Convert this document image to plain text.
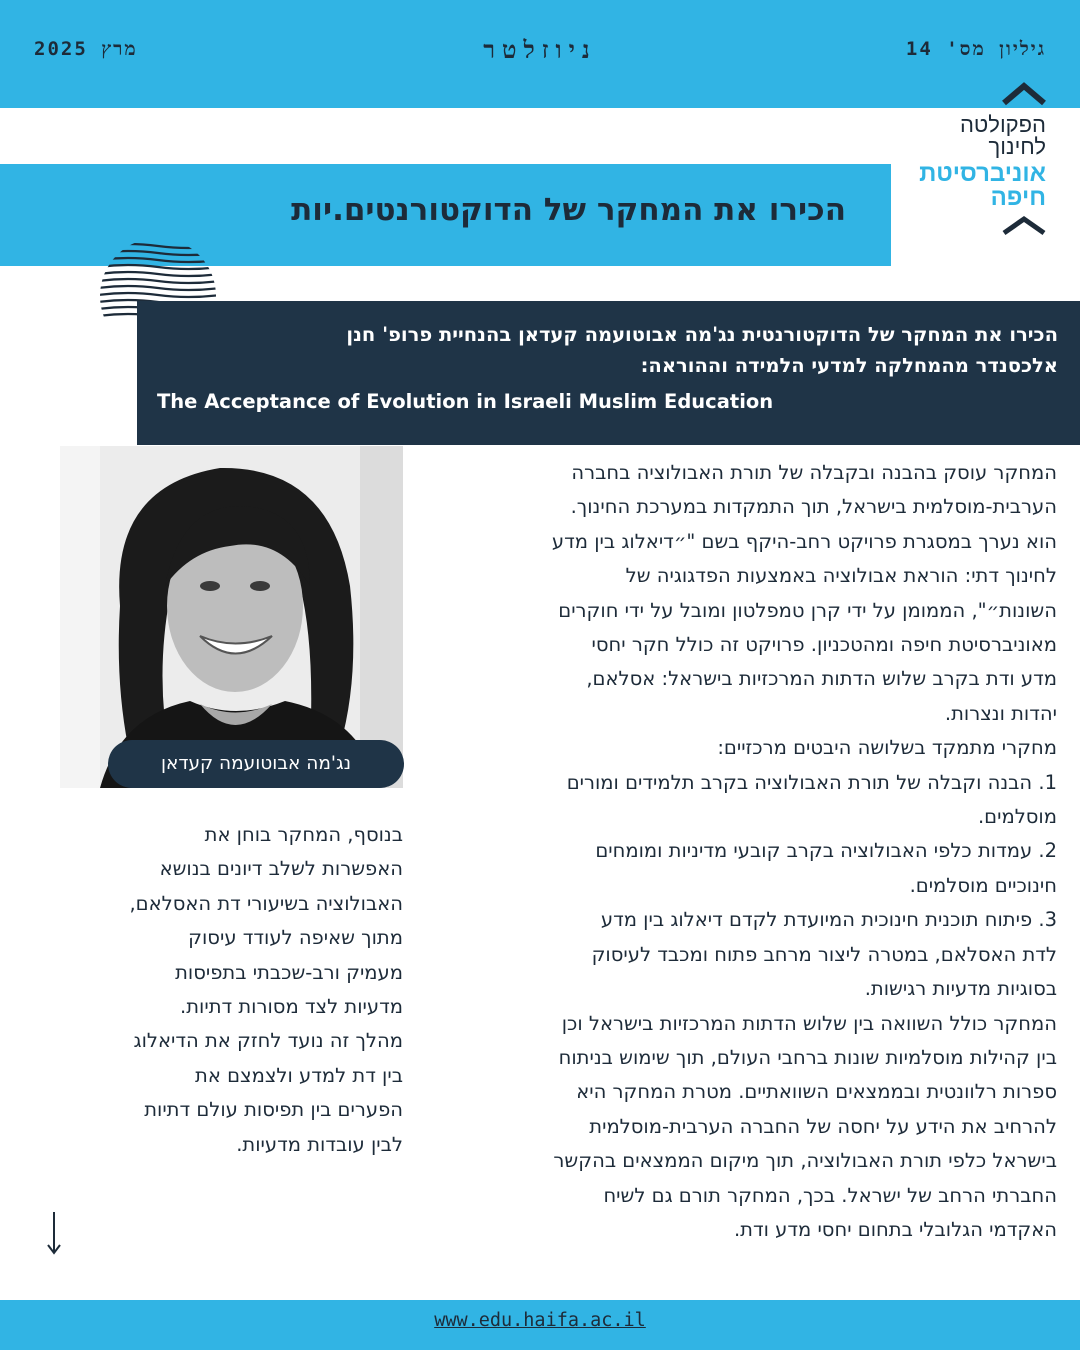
גיליון מס' 14
ניוזלטר
מרץ 2025
הפקולטה
לחינוך
אוניברסיטת
חיפה
הכירו את המחקר של הדוקטורנטים.יות
הכירו את המחקר של הדוקטורנטית נג'מה אבוטועמה קעדאן בהנחיית פרופ' חנן
אלכסנדר מהמחלקה למדעי הלמידה וההוראה:
The Acceptance of Evolution in Israeli Muslim Education
נג'מה אבוטועמה קעדאן
המחקר עוסק בהבנה ובקבלה של תורת האבולוציה בחברה
הערבית-מוסלמית בישראל, תוך התמקדות במערכת החינוך.
הוא נערך במסגרת פרויקט רחב-היקף בשם "״דיאלוג בין מדע
לחינוך דתי: הוראת אבולוציה באמצעות הפדגוגיה של
השונות״", הממומן על ידי קרן טמפלטון ומובל על ידי חוקרים
מאוניברסיטת חיפה ומהטכניון. פרויקט זה כולל חקר יחסי
מדע ודת בקרב שלוש הדתות המרכזיות בישראל: אסלאם,
יהדות ונצרות.
מחקרי מתמקד בשלושה היבטים מרכזיים:
1. הבנה וקבלה של תורת האבולוציה בקרב תלמידים ומורים
מוסלמים.
2. עמדות כלפי האבולוציה בקרב קובעי מדיניות ומומחים
חינוכיים מוסלמים.
3. פיתוח תוכנית חינוכית המיועדת לקדם דיאלוג בין מדע
לדת האסלאם, במטרה ליצור מרחב פתוח ומכבד לעיסוק
בסוגיות מדעיות רגישות.
המחקר כולל השוואה בין שלוש הדתות המרכזיות בישראל וכן
בין קהילות מוסלמיות שונות ברחבי העולם, תוך שימוש בניתוח
ספרות רלוונטית ובממצאים השוואתיים. מטרת המחקר היא
להרחיב את הידע על יחסה של החברה הערבית-מוסלמית
בישראל כלפי תורת האבולוציה, תוך מיקום הממצאים בהקשר
החברתי הרחב של ישראל. בכך, המחקר תורם גם לשיח
האקדמי הגלובלי בתחום יחסי מדע ודת.
בנוסף, המחקר בוחן את
האפשרות לשלב דיונים בנושא
האבולוציה בשיעורי דת האסלאם,
מתוך שאיפה לעודד עיסוק
מעמיק ורב-שכבתי בתפיסות
מדעיות לצד מסורות דתיות.
מהלך זה נועד לחזק את הדיאלוג
בין דת למדע ולצמצם את
הפערים בין תפיסות עולם דתיות
לבין עובדות מדעיות.
www.edu.haifa.ac.il
